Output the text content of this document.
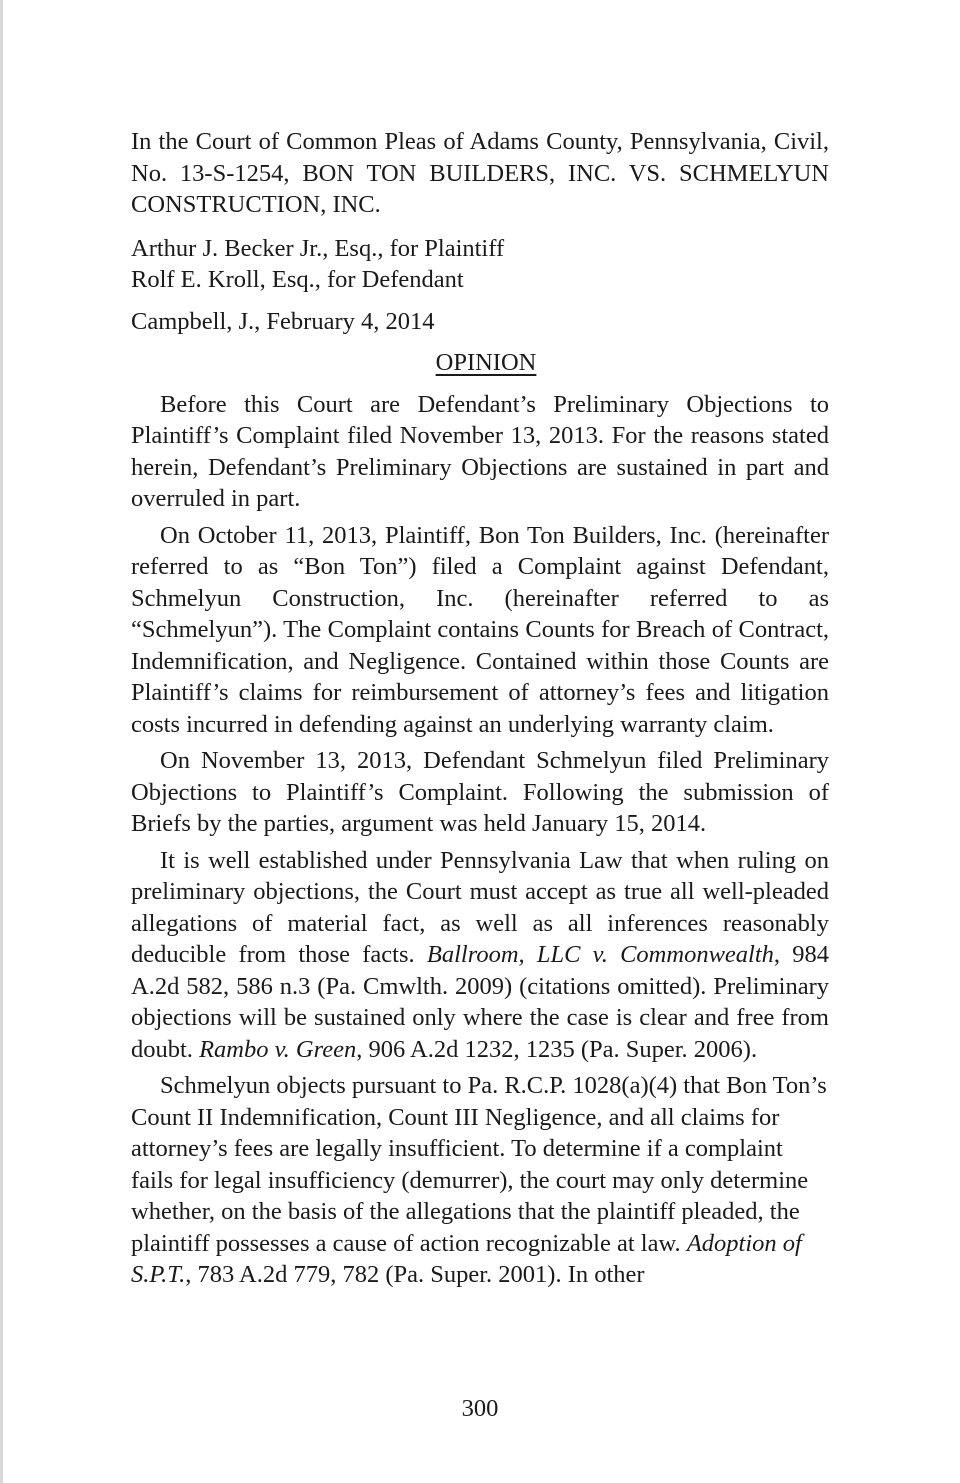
In the Court of Common Pleas of Adams County, Pennsylvania, Civil, No. 13-S-1254, BON TON BUILDERS, INC. VS. SCHMELYUN CONSTRUCTION, INC.

Arthur J. Becker Jr., Esq., for Plaintiff
Rolf E. Kroll, Esq., for Defendant
Campbell, J., February 4, 2014
OPINION

Before this Court are Defendant’s Preliminary Objections to Plaintiff’s Complaint filed November 13, 2013. For the reasons stated herein, Defendant’s Preliminary Objections are sustained in part and overruled in part.

On October 11, 2013, Plaintiff, Bon Ton Builders, Inc. (hereinafter referred to as “Bon Ton”) filed a Complaint against Defendant, Schmelyun Construction, Inc. (hereinafter referred to as “Schmelyun”). The Complaint contains Counts for Breach of Contract, Indemnification, and Negligence. Contained within those Counts are Plaintiff’s claims for reimbursement of attorney’s fees and litigation costs incurred in defending against an underlying warranty claim.

On November 13, 2013, Defendant Schmelyun filed Preliminary Objections to Plaintiff’s Complaint. Following the submission of Briefs by the parties, argument was held January 15, 2014.

It is well established under Pennsylvania Law that when ruling on preliminary objections, the Court must accept as true all well-pleaded allegations of material fact, as well as all inferences reasonably deducible from those facts. Ballroom, LLC v. Commonwealth, 984 A.2d 582, 586 n.3 (Pa. Cmwlth. 2009) (citations omitted). Preliminary objections will be sustained only where the case is clear and free from doubt. Rambo v. Green, 906 A.2d 1232, 1235 (Pa. Super. 2006).

Schmelyun objects pursuant to Pa. R.C.P. 1028(a)(4) that Bon Ton’s Count II Indemnification, Count III Negligence, and all claims for attorney’s fees are legally insufficient. To determine if a complaint fails for legal insufficiency (demurrer), the court may only determine whether, on the basis of the allegations that the plaintiff pleaded, the plaintiff possesses a cause of action recognizable at law. Adoption of S.P.T., 783 A.2d 779, 782 (Pa. Super. 2001). In other

300
